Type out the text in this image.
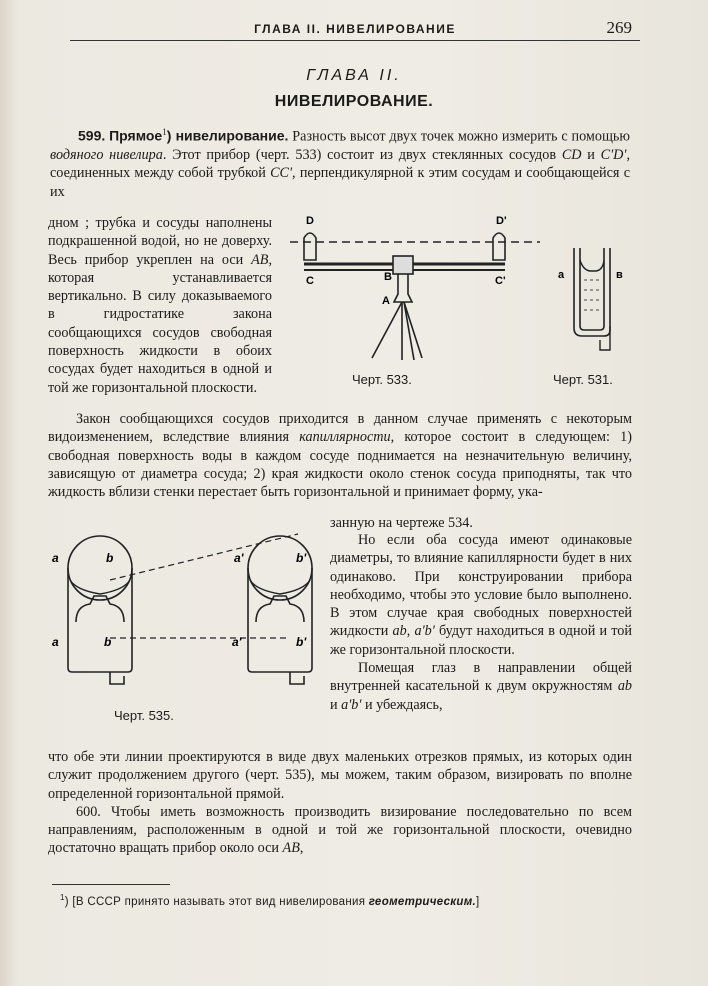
ГЛАВА II. НИВЕЛИРОВАНИЕ	269
ГЛАВА II.
НИВЕЛИРОВАНИЕ.
599. Прямое$^1$) нивелирование. Разность высот двух точек можно измерить с помощью водяного нивелира. Этот прибор (черт. 533) состоит из двух стеклянных сосудов CD и C'D', соединенных между собой трубкой CC', перпендикулярной к этим сосудам и сообщающейся с их
дном ; трубка и сосуды наполнены подкрашенной водой, но не доверху. Весь прибор укреплен на оси AB, которая устанавливается вертикально. В силу доказываемого в гидростатике закона сообщающихся сосудов свободная поверхность жидкости в обоих сосудах будет находиться в одной и той же горизонтальной плоскости.
D	D'
C	C'
B
A
a	в
Черт. 533.	Черт. 531.
Закон сообщающихся сосудов приходится в данном случае применять с некоторым видоизменением, вследствие влияния капиллярности, которое состоит в следующем: 1) свободная поверхность воды в каждом сосуде поднимается на незначительную величину, зависящую от диаметра сосуда; 2) края жидкости около стенок сосуда приподняты, так что жидкость вблизи стенки перестает быть горизонтальной и принимает форму, ука-
занную на чертеже 534.
a	b	a'	b'
a	b	a'	b'
Черт. 535.

Но если оба сосуда имеют одинаковые диаметры, то влияние капиллярности будет в них одинаково. При конструировании прибора необходимо, чтобы это условие было выполнено. В этом случае края свободных поверхностей жидкости ab, a'b' будут находиться в одной и той же горизонтальной плоскости.

Помещая глаз в направлении общей внутренней касательной к двум окружностям ab и a'b' и убеждаясь,

что обе эти линии проектируются в виде двух маленьких отрезков прямых, из которых один служит продолжением другого (черт. 535), мы можем, таким образом, визировать по вполне определенной горизонтальной прямой.

600. Чтобы иметь возможность производить визирование последовательно по всем направлениям, расположенным в одной и той же горизонтальной плоскости, очевидно достаточно вращать прибор около оси AB,

$^1$) [В СССР принято называть этот вид нивелирования геометрическим.]
